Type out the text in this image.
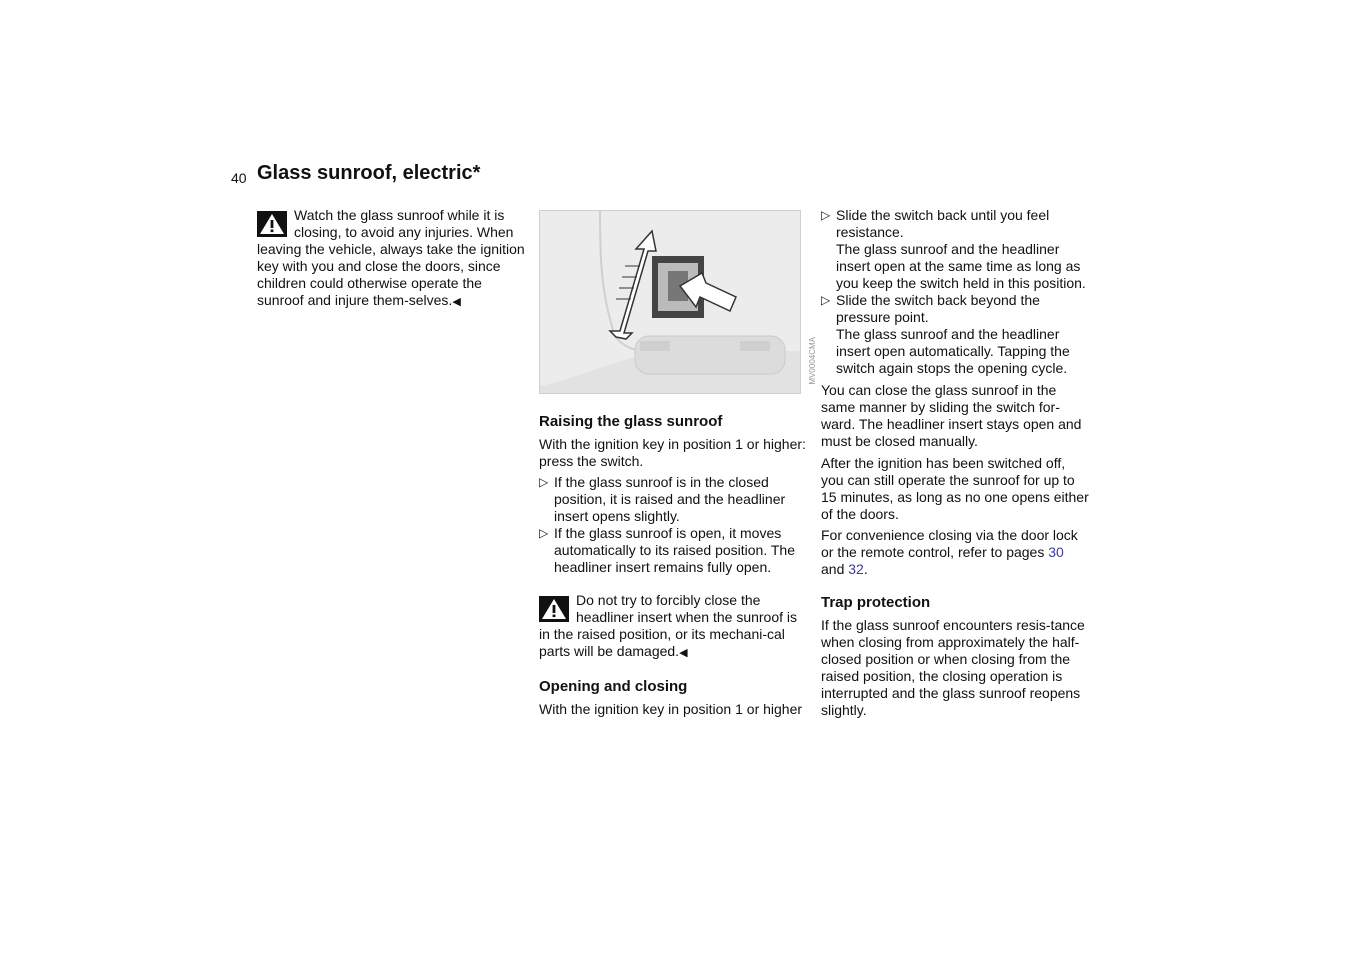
40 Glass sunroof, electric*
Watch the glass sunroof while it is closing, to avoid any injuries. When leaving the vehicle, always take the ignition key with you and close the doors, since children could otherwise operate the sunroof and injure them-selves.◀
MV0004CMA
Raising the glass sunroof

With the ignition key in position 1 or higher: press the switch.

▷ If the glass sunroof is in the closed position, it is raised and the headliner insert opens slightly.
▷ If the glass sunroof is open, it moves automatically to its raised position. The headliner insert remains fully open.
Do not try to forcibly close the headliner insert when the sunroof is in the raised position, or its mechani-cal parts will be damaged.◀
Opening and closing

With the ignition key in position 1 or higher

▷ Slide the switch back until you feel resistance.
The glass sunroof and the headliner insert open at the same time as long as you keep the switch held in this position.
▷ Slide the switch back beyond the pressure point.
The glass sunroof and the headliner insert open automatically. Tapping the switch again stops the opening cycle.

You can close the glass sunroof in the same manner by sliding the switch for-ward. The headliner insert stays open and must be closed manually.

After the ignition has been switched off, you can still operate the sunroof for up to 15 minutes, as long as no one opens either of the doors.

For convenience closing via the door lock or the remote control, refer to pages 30 and 32.

Trap protection

If the glass sunroof encounters resis-tance when closing from approximately the half-closed position or when closing from the raised position, the closing operation is interrupted and the glass sunroof reopens slightly.
